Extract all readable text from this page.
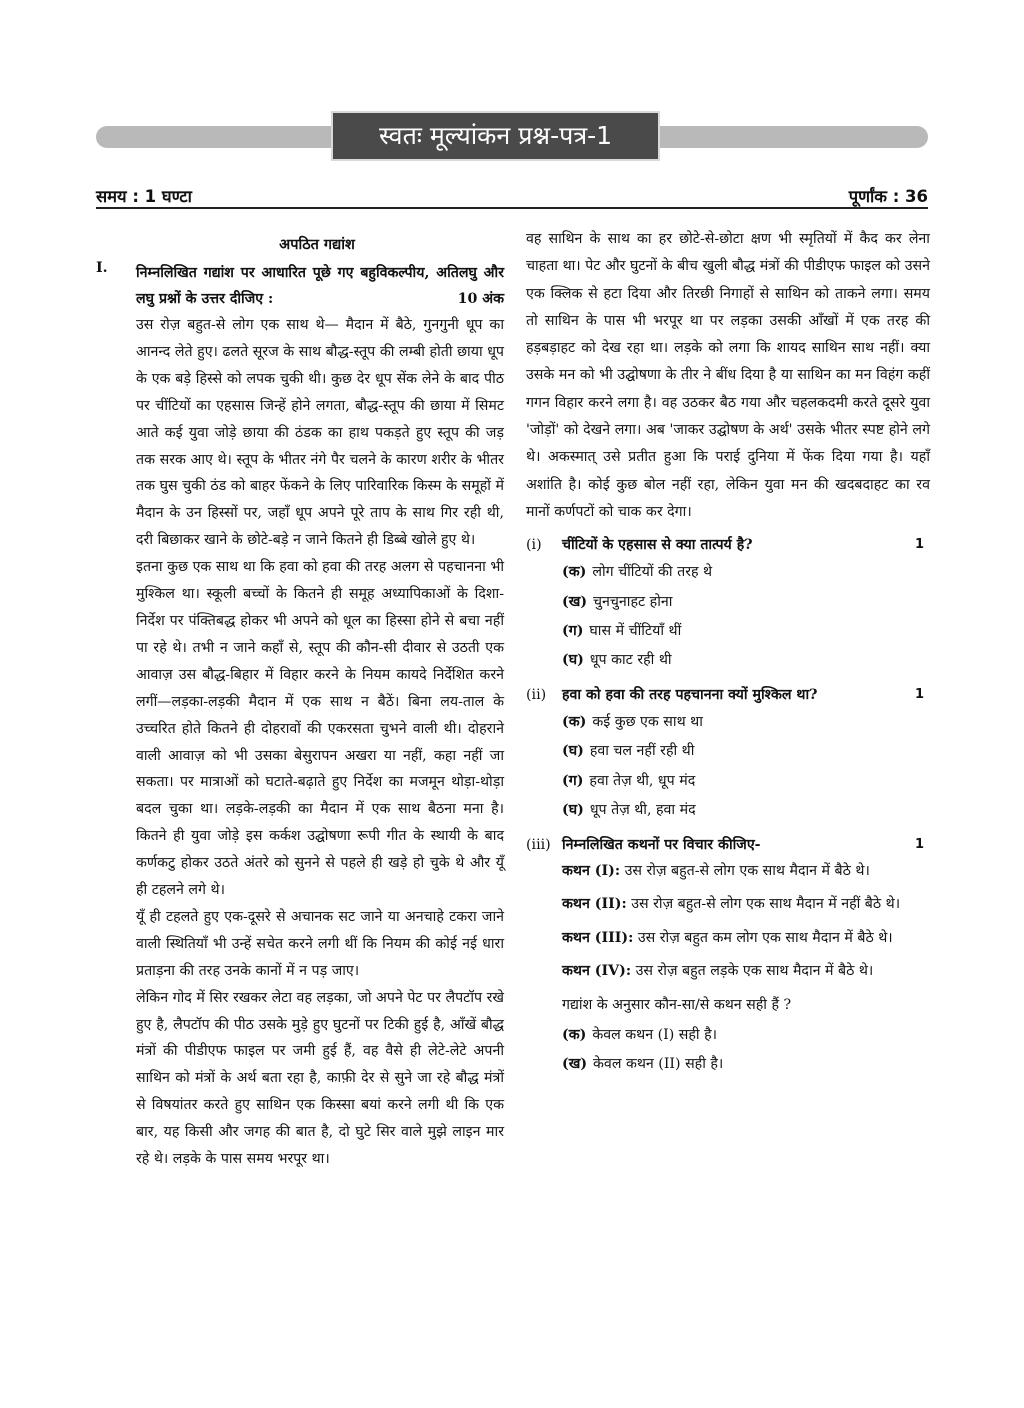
स्वतः मूल्यांकन प्रश्न-पत्र-1
समय : 1 घण्टा	पूर्णांक : 36
अपठित गद्यांश
I. निम्नलिखित गद्यांश पर आधारित पूछे गए बहुविकल्पीय, अतिलघु और लघु प्रश्नों के उत्तर दीजिए :	10 अंक

उस रोज़ बहुत-से लोग एक साथ थे— मैदान में बैठे, गुनगुनी धूप का आनन्द लेते हुए। ढलते सूरज के साथ बौद्ध-स्तूप की लम्बी होती छाया धूप के एक बड़े हिस्से को लपक चुकी थी। कुछ देर धूप सेंक लेने के बाद पीठ पर चींटियों का एहसास जिन्हें होने लगता, बौद्ध-स्तूप की छाया में सिमट आते कई युवा जोड़े छाया की ठंडक का हाथ पकड़ते हुए स्तूप की जड़ तक सरक आए थे। स्तूप के भीतर नंगे पैर चलने के कारण शरीर के भीतर तक घुस चुकी ठंड को बाहर फेंकने के लिए पारिवारिक किस्म के समूहों में मैदान के उन हिस्सों पर, जहाँ धूप अपने पूरे ताप के साथ गिर रही थी, दरी बिछाकर खाने के छोटे-बड़े न जाने कितने ही डिब्बे खोले हुए थे।

इतना कुछ एक साथ था कि हवा को हवा की तरह अलग से पहचानना भी मुश्किल था। स्कूली बच्चों के कितने ही समूह अध्यापिकाओं के दिशा-निर्देश पर पंक्तिबद्ध होकर भी अपने को धूल का हिस्सा होने से बचा नहीं पा रहे थे। तभी न जाने कहाँ से, स्तूप की कौन-सी दीवार से उठती एक आवाज़ उस बौद्ध-बिहार में विहार करने के नियम कायदे निर्देशित करने लगीं—लड़का-लड़की मैदान में एक साथ न बैठें। बिना लय-ताल के उच्चरित होते कितने ही दोहरावों की एकरसता चुभने वाली थी। दोहराने वाली आवाज़ को भी उसका बेसुरापन अखरा या नहीं, कहा नहीं जा सकता। पर मात्राओं को घटाते-बढ़ाते हुए निर्देश का मजमून थोड़ा-थोड़ा बदल चुका था। लड़के-लड़की का मैदान में एक साथ बैठना मना है। कितने ही युवा जोड़े इस कर्कश उद्घोषणा रूपी गीत के स्थायी के बाद कर्णकटु होकर उठते अंतरे को सुनने से पहले ही खड़े हो चुके थे और यूँ ही टहलने लगे थे।

यूँ ही टहलते हुए एक-दूसरे से अचानक सट जाने या अनचाहे टकरा जाने वाली स्थितियाँ भी उन्हें सचेत करने लगी थीं कि नियम की कोई नई धारा प्रताड़ना की तरह उनके कानों में न पड़ जाए।

लेकिन गोद में सिर रखकर लेटा वह लड़का, जो अपने पेट पर लैपटॉप रखे हुए है, लैपटॉप की पीठ उसके मुड़े हुए घुटनों पर टिकी हुई है, आँखें बौद्ध मंत्रों की पीडीएफ फाइल पर जमी हुई हैं, वह वैसे ही लेटे-लेटे अपनी साथिन को मंत्रों के अर्थ बता रहा है, काफ़ी देर से सुने जा रहे बौद्ध मंत्रों से विषयांतर करते हुए साथिन एक किस्सा बयां करने लगी थी कि एक बार, यह किसी और जगह की बात है, दो घुटे सिर वाले मुझे लाइन मार रहे थे। लड़के के पास समय भरपूर था।

वह साथिन के साथ का हर छोटे-से-छोटा क्षण भी स्मृतियों में कैद कर लेना चाहता था। पेट और घुटनों के बीच खुली बौद्ध मंत्रों की पीडीएफ फाइल को उसने एक क्लिक से हटा दिया और तिरछी निगाहों से साथिन को ताकने लगा। समय तो साथिन के पास भी भरपूर था पर लड़का उसकी आँखों में एक तरह की हड़बड़ाहट को देख रहा था। लड़के को लगा कि शायद साथिन साथ नहीं। क्या उसके मन को भी उद्घोषणा के तीर ने बींध दिया है या साथिन का मन विहंग कहीं गगन विहार करने लगा है। वह उठकर बैठ गया और चहलकदमी करते दूसरे युवा 'जोड़ों' को देखने लगा। अब 'जाकर उद्घोषण के अर्थ' उसके भीतर स्पष्ट होने लगे थे। अकस्मात् उसे प्रतीत हुआ कि पराई दुनिया में फेंक दिया गया है। यहाँ अशांति है। कोई कुछ बोल नहीं रहा, लेकिन युवा मन की खदबदाहट का रव मानों कर्णपटों को चाक कर देगा।

(i) चींटियों के एहसास से क्या तात्पर्य है?	1
(क) लोग चींटियों की तरह थे
(ख) चुनचुनाहट होना
(ग) घास में चींटियाँ थीं
(घ) धूप काट रही थी
(ii) हवा को हवा की तरह पहचानना क्यों मुश्किल था?	1
(क) कई कुछ एक साथ था
(घ) हवा चल नहीं रही थी
(ग) हवा तेज़ थी, धूप मंद
(घ) धूप तेज़ थी, हवा मंद
(iii) निम्नलिखित कथनों पर विचार कीजिए-	1
कथन (I): उस रोज़ बहुत-से लोग एक साथ मैदान में बैठे थे।
कथन (II): उस रोज़ बहुत-से लोग एक साथ मैदान में नहीं बैठे थे।
कथन (III): उस रोज़ बहुत कम लोग एक साथ मैदान में बैठे थे।
कथन (IV): उस रोज़ बहुत लड़के एक साथ मैदान में बैठे थे।
गद्यांश के अनुसार कौन-सा/से कथन सही हैं ?
(क) केवल कथन (I) सही है।
(ख) केवल कथन (II) सही है।
